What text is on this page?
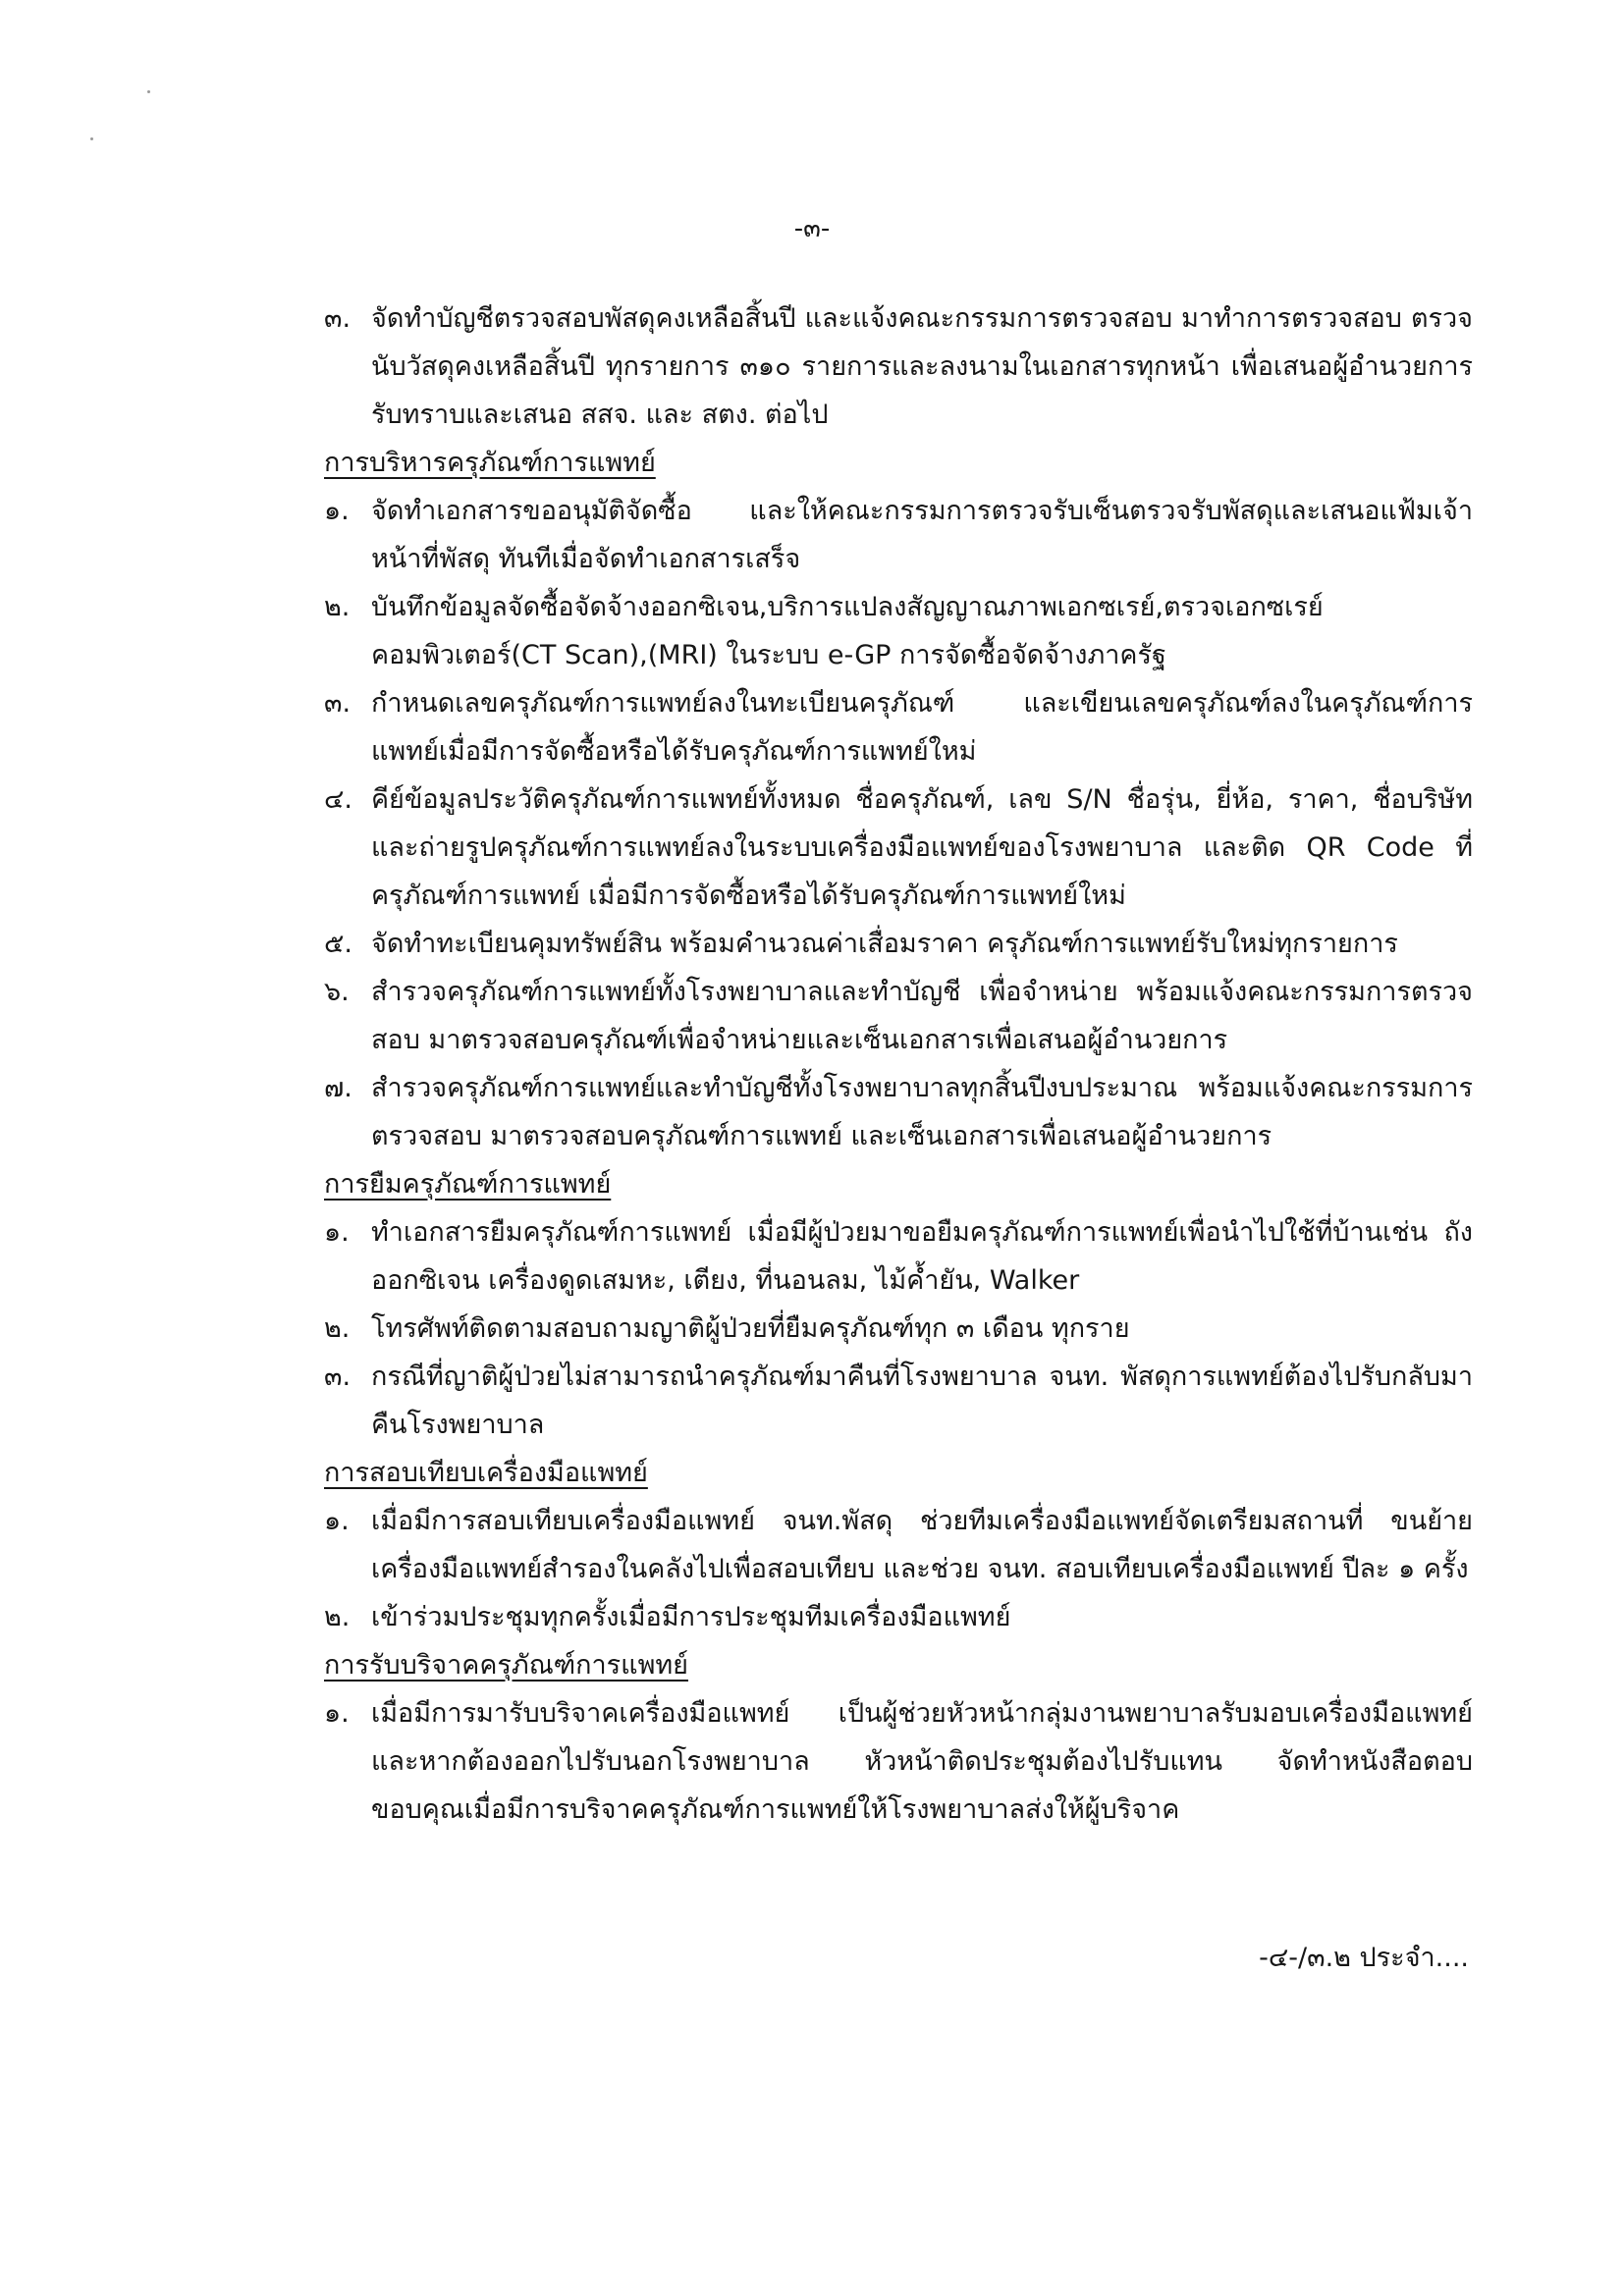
-๓-
๓. จัดทำบัญชีตรวจสอบพัสดุคงเหลือสิ้นปี และแจ้งคณะกรรมการตรวจสอบ มาทำการตรวจสอบ ตรวจนับวัสดุคงเหลือสิ้นปี ทุกรายการ ๓๑๐ รายการและลงนามในเอกสารทุกหน้า เพื่อเสนอผู้อำนวยการรับทราบและเสนอ สสจ. และ สตง. ต่อไป
การบริหารครุภัณฑ์การแพทย์
๑. จัดทำเอกสารขออนุมัติจัดซื้อ และให้คณะกรรมการตรวจรับเซ็นตรวจรับพัสดุและเสนอแฟ้มเจ้าหน้าที่พัสดุ ทันทีเมื่อจัดทำเอกสารเสร็จ
๒. บันทึกข้อมูลจัดซื้อจัดจ้างออกซิเจน,บริการแปลงสัญญาณภาพเอกซเรย์,ตรวจเอกซเรย์คอมพิวเตอร์(CT Scan),(MRI) ในระบบ e-GP การจัดซื้อจัดจ้างภาครัฐ
๓. กำหนดเลขครุภัณฑ์การแพทย์ลงในทะเบียนครุภัณฑ์ และเขียนเลขครุภัณฑ์ลงในครุภัณฑ์การแพทย์เมื่อมีการจัดซื้อหรือได้รับครุภัณฑ์การแพทย์ใหม่
๔. คีย์ข้อมูลประวัติครุภัณฑ์การแพทย์ทั้งหมด ชื่อครุภัณฑ์, เลข S/N ชื่อรุ่น, ยี่ห้อ, ราคา, ชื่อบริษัท และถ่ายรูปครุภัณฑ์การแพทย์ลงในระบบเครื่องมือแพทย์ของโรงพยาบาล และติด QR Code ที่ครุภัณฑ์การแพทย์ เมื่อมีการจัดซื้อหรือได้รับครุภัณฑ์การแพทย์ใหม่
๕. จัดทำทะเบียนคุมทรัพย์สิน พร้อมคำนวณค่าเสื่อมราคา ครุภัณฑ์การแพทย์รับใหม่ทุกรายการ
๖. สำรวจครุภัณฑ์การแพทย์ทั้งโรงพยาบาลและทำบัญชี เพื่อจำหน่าย พร้อมแจ้งคณะกรรมการตรวจสอบ มาตรวจสอบครุภัณฑ์เพื่อจำหน่ายและเซ็นเอกสารเพื่อเสนอผู้อำนวยการ
๗. สำรวจครุภัณฑ์การแพทย์และทำบัญชีทั้งโรงพยาบาลทุกสิ้นปีงบประมาณ พร้อมแจ้งคณะกรรมการตรวจสอบ มาตรวจสอบครุภัณฑ์การแพทย์ และเซ็นเอกสารเพื่อเสนอผู้อำนวยการ
การยืมครุภัณฑ์การแพทย์
๑. ทำเอกสารยืมครุภัณฑ์การแพทย์ เมื่อมีผู้ป่วยมาขอยืมครุภัณฑ์การแพทย์เพื่อนำไปใช้ที่บ้านเช่น ถังออกซิเจน เครื่องดูดเสมหะ, เตียง, ที่นอนลม, ไม้ค้ำยัน, Walker
๒. โทรศัพท์ติดตามสอบถามญาติผู้ป่วยที่ยืมครุภัณฑ์ทุก ๓ เดือน ทุกราย
๓. กรณีที่ญาติผู้ป่วยไม่สามารถนำครุภัณฑ์มาคืนที่โรงพยาบาล จนท. พัสดุการแพทย์ต้องไปรับกลับมาคืนโรงพยาบาล
การสอบเทียบเครื่องมือแพทย์
๑. เมื่อมีการสอบเทียบเครื่องมือแพทย์ จนท.พัสดุ ช่วยทีมเครื่องมือแพทย์จัดเตรียมสถานที่ ขนย้ายเครื่องมือแพทย์สำรองในคลังไปเพื่อสอบเทียบ และช่วย จนท. สอบเทียบเครื่องมือแพทย์ ปีละ ๑ ครั้ง
๒. เข้าร่วมประชุมทุกครั้งเมื่อมีการประชุมทีมเครื่องมือแพทย์
การรับบริจาคครุภัณฑ์การแพทย์
๑. เมื่อมีการมารับบริจาคเครื่องมือแพทย์ เป็นผู้ช่วยหัวหน้ากลุ่มงานพยาบาลรับมอบเครื่องมือแพทย์และหากต้องออกไปรับนอกโรงพยาบาล หัวหน้าติดประชุมต้องไปรับแทน จัดทำหนังสือตอบขอบคุณเมื่อมีการบริจาคครุภัณฑ์การแพทย์ให้โรงพยาบาลส่งให้ผู้บริจาค
-๔-/๓.๒ ประจำ....
